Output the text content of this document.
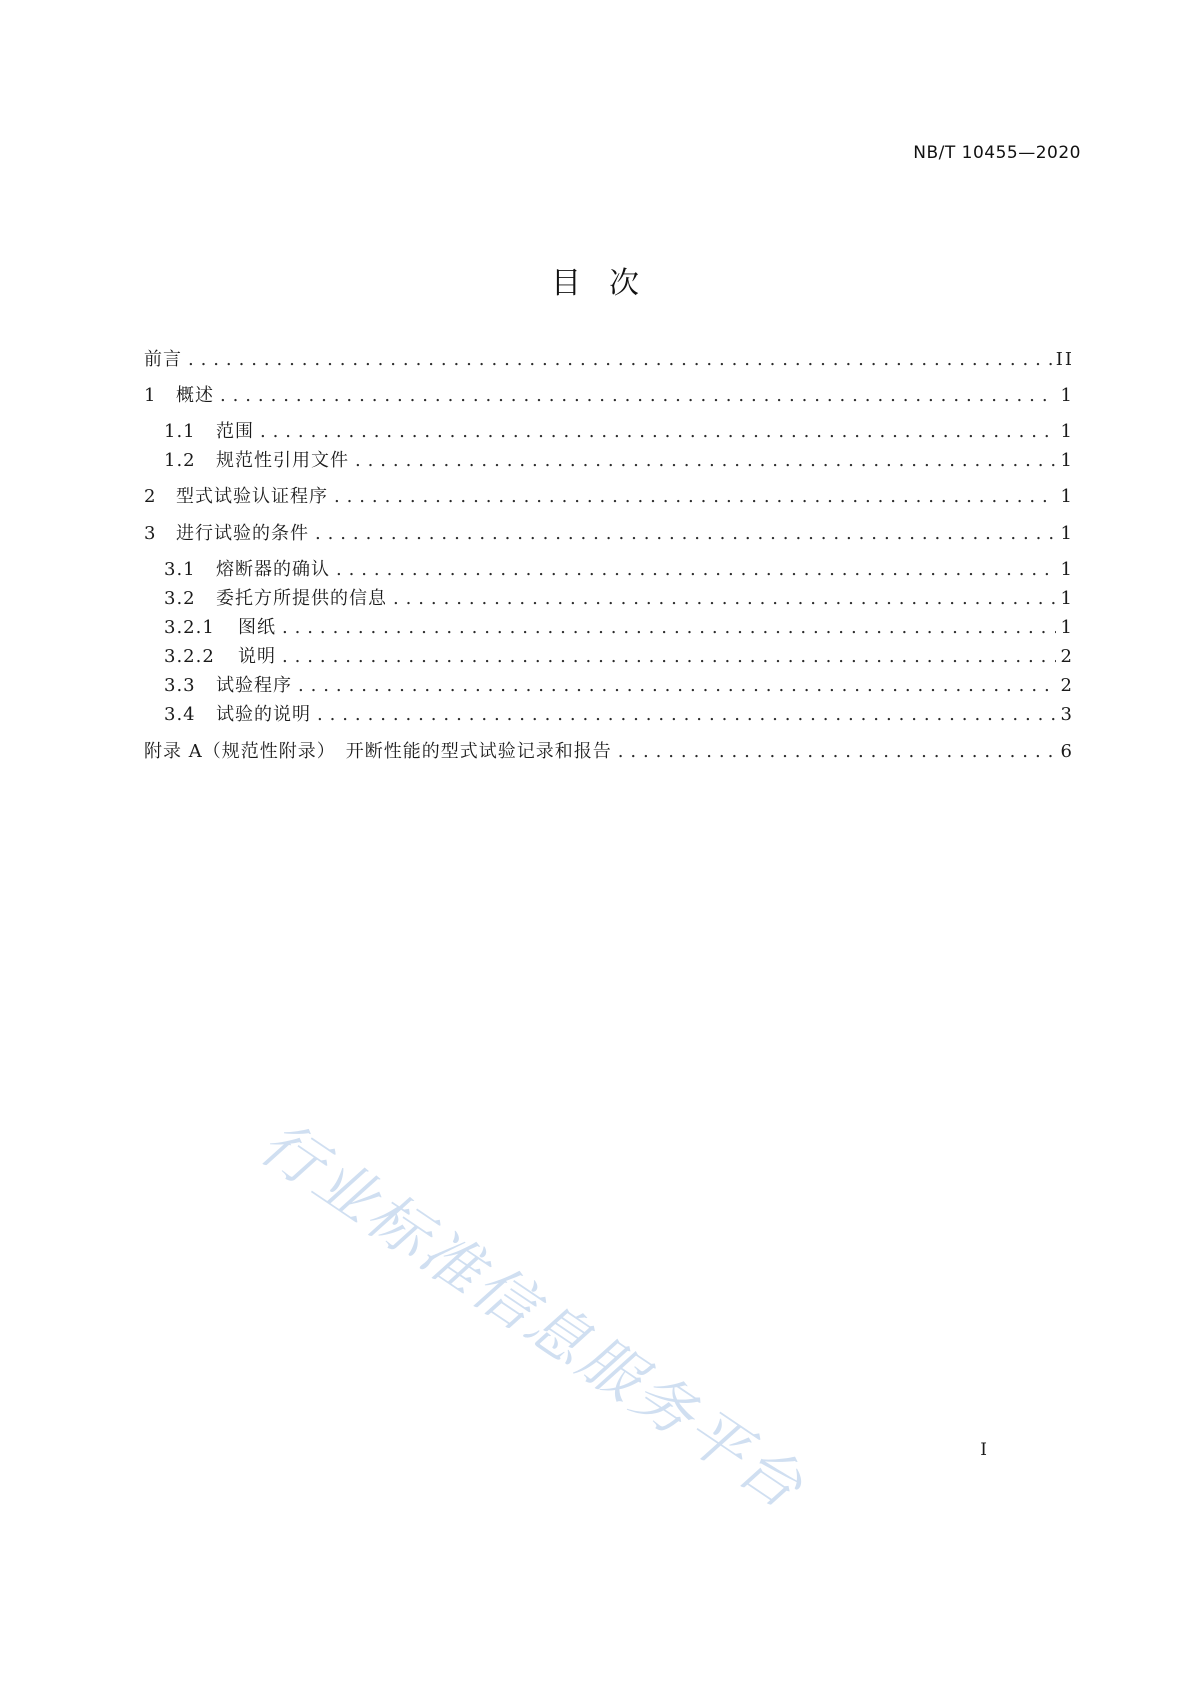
NB/T 10455—2020
目次
前言 . . .	II
1	概述 . . .	1
1.1	范围 . . .	1
1.2	规范性引用文件 . . .	1
2	型式试验认证程序 . . .	1
3	进行试验的条件 . . .	1
3.1	熔断器的确认 . . .	1
3.2	委托方所提供的信息 . . .	1
3.2.1	图纸 . . .	1
3.2.2	说明 . . .	2
3.3	试验程序 . . .	2
3.4	试验的说明 . . .	3
附录 A（规范性附录）　开断性能的型式试验记录和报告 . . .	6
行业标准信息服务平台	I
